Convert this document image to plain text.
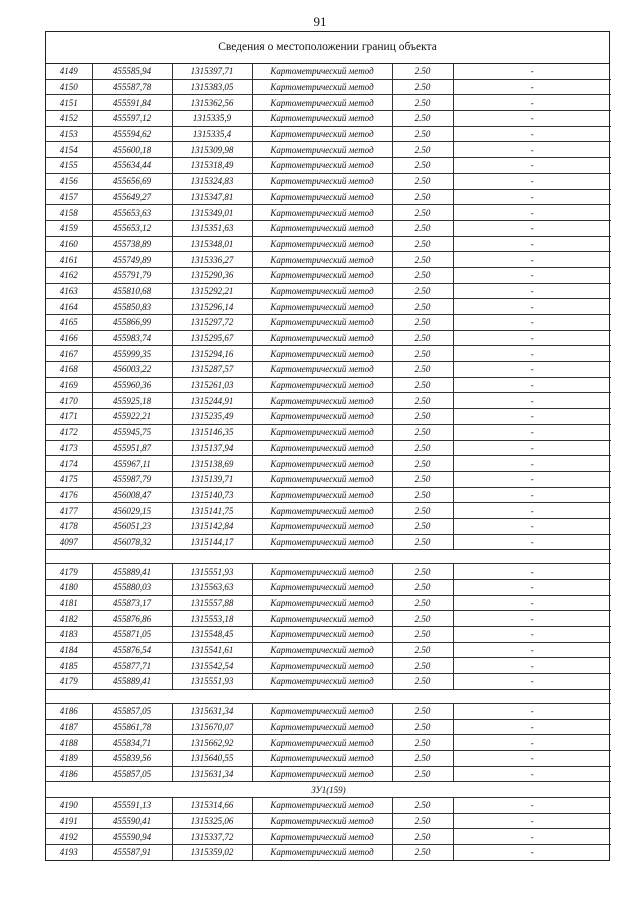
91
Сведения о местоположении границ объекта
4149	455585,94	1315397,71	Картометрический метод	2.50	-
4150	455587,78	1315383,05	Картометрический метод	2.50	-
4151	455591,84	1315362,56	Картометрический метод	2.50	-
4152	455597,12	1315335,9	Картометрический метод	2.50	-
4153	455594,62	1315335,4	Картометрический метод	2.50	-
4154	455600,18	1315309,98	Картометрический метод	2.50	-
4155	455634,44	1315318,49	Картометрический метод	2.50	-
4156	455656,69	1315324,83	Картометрический метод	2.50	-
4157	455649,27	1315347,81	Картометрический метод	2.50	-
4158	455653,63	1315349,01	Картометрический метод	2.50	-
4159	455653,12	1315351,63	Картометрический метод	2.50	-
4160	455738,89	1315348,01	Картометрический метод	2.50	-
4161	455749,89	1315336,27	Картометрический метод	2.50	-
4162	455791,79	1315290,36	Картометрический метод	2.50	-
4163	455810,68	1315292,21	Картометрический метод	2.50	-
4164	455850,83	1315296,14	Картометрический метод	2.50	-
4165	455866,99	1315297,72	Картометрический метод	2.50	-
4166	455983,74	1315295,67	Картометрический метод	2.50	-
4167	455999,35	1315294,16	Картометрический метод	2.50	-
4168	456003,22	1315287,57	Картометрический метод	2.50	-
4169	455960,36	1315261,03	Картометрический метод	2.50	-
4170	455925,18	1315244,91	Картометрический метод	2.50	-
4171	455922,21	1315235,49	Картометрический метод	2.50	-
4172	455945,75	1315146,35	Картометрический метод	2.50	-
4173	455951,87	1315137,94	Картометрический метод	2.50	-
4174	455967,11	1315138,69	Картометрический метод	2.50	-
4175	455987,79	1315139,71	Картометрический метод	2.50	-
4176	456008,47	1315140,73	Картометрический метод	2.50	-
4177	456029,15	1315141,75	Картометрический метод	2.50	-
4178	456051,23	1315142,84	Картометрический метод	2.50	-
4097	456078,32	1315144,17	Картометрический метод	2.50	-

4179	455889,41	1315551,93	Картометрический метод	2.50	-
4180	455880,03	1315563,63	Картометрический метод	2.50	-
4181	455873,17	1315557,88	Картометрический метод	2.50	-
4182	455876,86	1315553,18	Картометрический метод	2.50	-
4183	455871,05	1315548,45	Картометрический метод	2.50	-
4184	455876,54	1315541,61	Картометрический метод	2.50	-
4185	455877,71	1315542,54	Картометрический метод	2.50	-
4179	455889,41	1315551,93	Картометрический метод	2.50	-

4186	455857,05	1315631,34	Картометрический метод	2.50	-
4187	455861,78	1315670,07	Картометрический метод	2.50	-
4188	455834,71	1315662,92	Картометрический метод	2.50	-
4189	455839,56	1315640,55	Картометрический метод	2.50	-
4186	455857,05	1315631,34	Картометрический метод	2.50	-
ЗУ1(159)					
4190	455591,13	1315314,66	Картометрический метод	2.50	-
4191	455590,41	1315325,06	Картометрический метод	2.50	-
4192	455590,94	1315337,72	Картометрический метод	2.50	-
4193	455587,91	1315359,02	Картометрический метод	2.50	-
